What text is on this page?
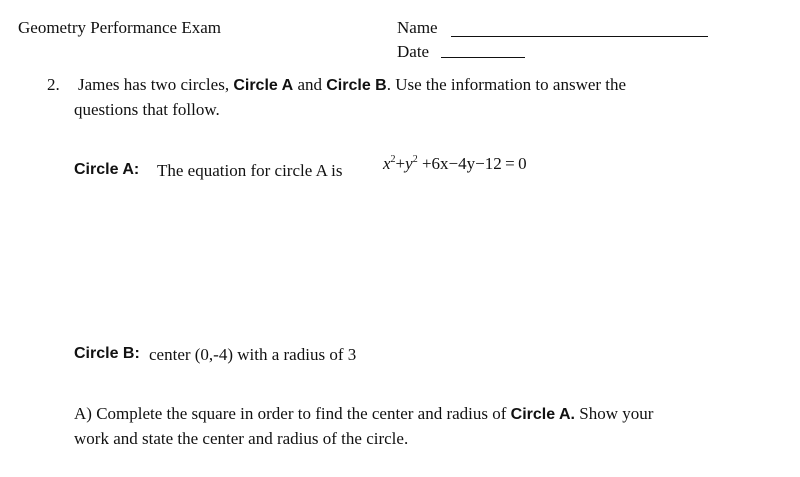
Geometry Performance Exam	Name
Date
2. James has two circles, Circle A and Circle B. Use the information to answer the
questions that follow.
Circle A: The equation for circle A is $x^2+y^2 +6x-4y-12 = 0$
Circle B: center (0,-4) with a radius of 3
A) Complete the square in order to find the center and radius of Circle A. Show your
work and state the center and radius of the circle.
